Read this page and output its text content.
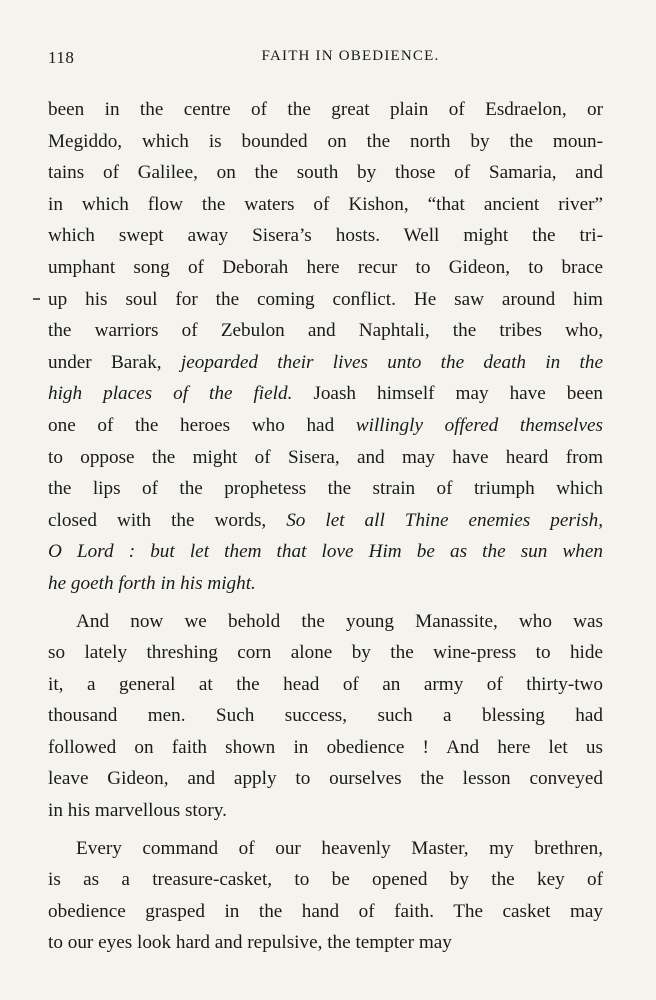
118	FAITH IN OBEDIENCE.
been in the centre of the great plain of Esdraelon, or
Megiddo, which is bounded on the north by the moun-
tains of Galilee, on the south by those of Samaria, and
in which flow the waters of Kishon, “that ancient river”
which swept away Sisera’s hosts. Well might the tri-
umphant song of Deborah here recur to Gideon, to brace
up his soul for the coming conflict. He saw around him
the warriors of Zebulon and Naphtali, the tribes who,
under Barak, jeoparded their lives unto the death in the
high places of the field. Joash himself may have been
one of the heroes who had willingly offered themselves
to oppose the might of Sisera, and may have heard from
the lips of the prophetess the strain of triumph which
closed with the words, So let all Thine enemies perish,
O Lord : but let them that love Him be as the sun when
he goeth forth in his might.
And now we behold the young Manassite, who was
so lately threshing corn alone by the wine-press to hide
it, a general at the head of an army of thirty-two
thousand men. Such success, such a blessing had
followed on faith shown in obedience ! And here let us
leave Gideon, and apply to ourselves the lesson conveyed
in his marvellous story.
Every command of our heavenly Master, my brethren,
is as a treasure-casket, to be opened by the key of
obedience grasped in the hand of faith. The casket may
to our eyes look hard and repulsive, the tempter may
